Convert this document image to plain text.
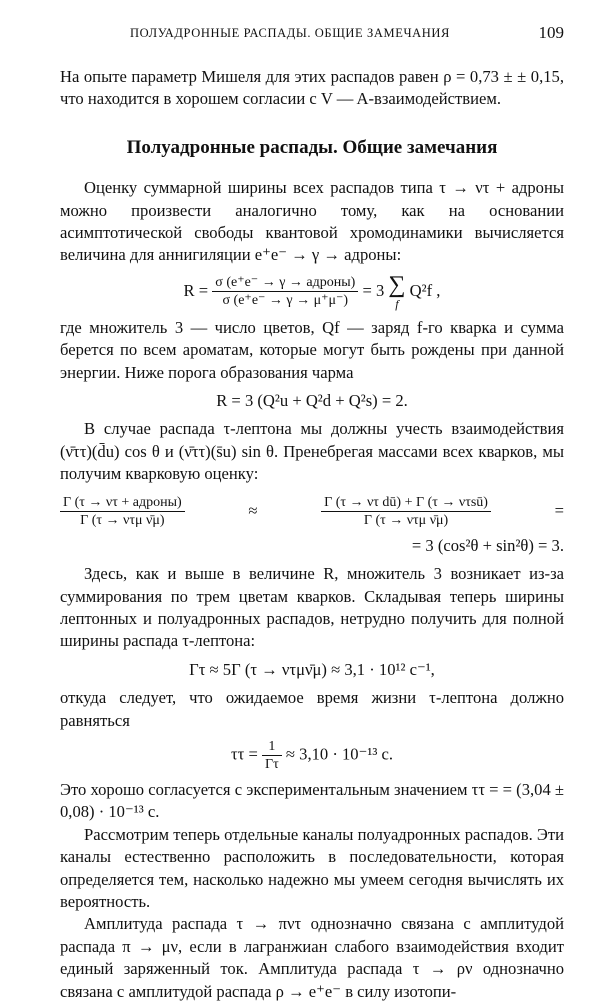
ПОЛУАДРОННЫЕ РАСПАДЫ. ОБЩИЕ ЗАМЕЧАНИЯ	109

На опыте параметр Мишеля для этих распадов равен ρ = 0,73 ± ± 0,15, что находится в хорошем согласии с V — A-взаимодействием.

Полуадронные распады. Общие замечания

Оценку суммарной ширины всех распадов типа τ → ντ + адроны можно произвести аналогично тому, как на основании асимптотической свободы квантовой хромодинамики вычисляется величина для аннигиляции e⁺e⁻ → γ → адроны:

$R = \frac{\text{σ (e⁺e⁻ → γ → адроны)}}{\sigma (e^+e^- \to \gamma \to \mu^+\mu^-)} = 3$ ∑
f
Q²f ,

где множитель 3 — число цветов, Qf — заряд f-го кварка и сумма берется по всем ароматам, которые могут быть рождены при данной энергии. Ниже порога образования чарма

R = 3 (Q²u + Q²d + Q²s) = 2.

В случае распада τ-лептона мы должны учесть взаимодействия (ν̄ττ)(d̄u) cos θ и (ν̄ττ)(s̄u) sin θ. Пренебрегая массами всех кварков, мы получим кварковую оценку:

$\frac{\text{Γ (τ → ντ + адроны)}}{\text{Γ (τ → ντμ ν̄μ)}}$	≈	$\frac{\text{Γ (τ → ντ dū) + Γ (τ → ντsū)}}{\text{Γ (τ → ντμ ν̄μ)}}$	=
= 3 (cos²θ + sin²θ) = 3.

Здесь, как и выше в величине R, множитель 3 возникает из-за суммирования по трем цветам кварков. Складывая теперь ширины лептонных и полуадронных распадов, нетрудно получить для полной ширины распада τ-лептона:

Γτ ≈ 5Γ (τ → ντμν̄μ) ≈ 3,1 · 10¹² с⁻¹,

откуда следует, что ожидаемое время жизни τ-лептона должно равняться

$\tau\tau = \frac{1}{\Gamma\tau} \approx 3,10 \cdot 10^{-13}$ с.

Это хорошо согласуется с экспериментальным значением ττ = = (3,04 ± 0,08) · 10⁻¹³ с.

Рассмотрим теперь отдельные каналы полуадронных распадов. Эти каналы естественно расположить в последовательности, которая определяется тем, насколько надежно мы умеем сегодня вычислять их вероятность.

Амплитуда распада τ → πντ однозначно связана с амплитудой распада π → μν, если в лагранжиан слабого взаимодействия входит единый заряженный ток. Амплитуда распада τ → ρν однозначно связана с амплитудой распада ρ → e⁺e⁻ в силу изотопи-
